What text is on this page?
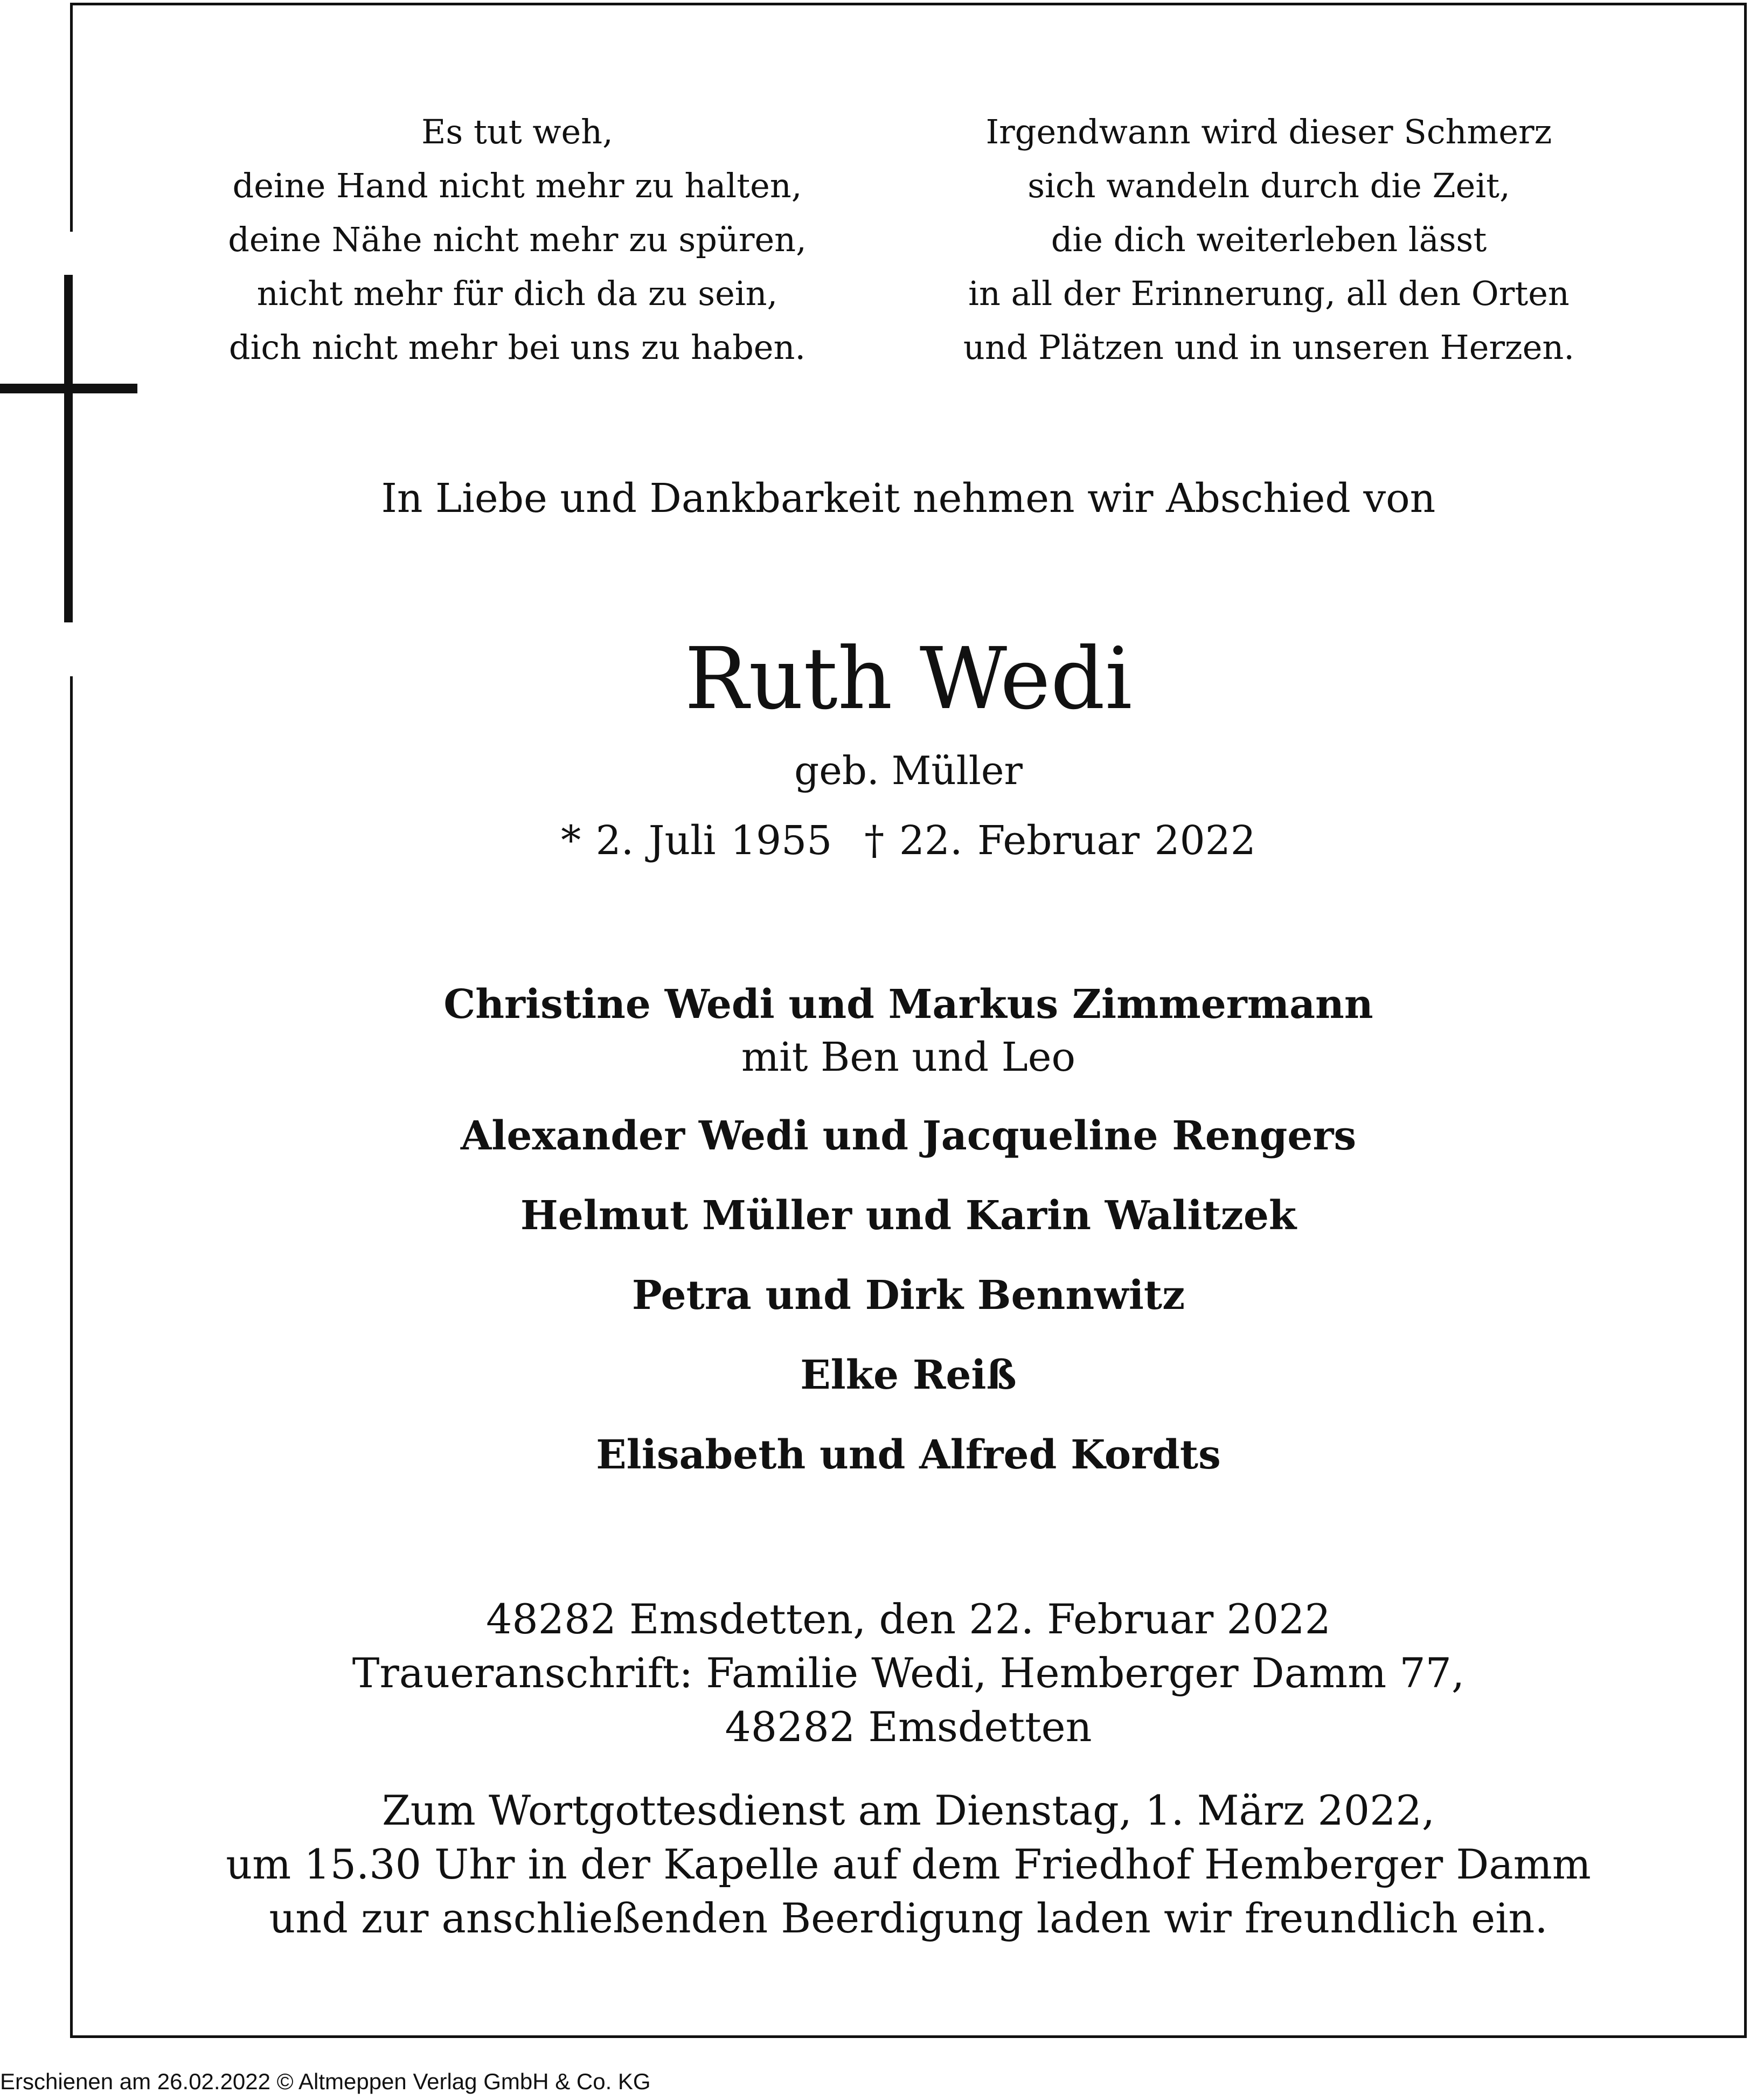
Es tut weh,
deine Hand nicht mehr zu halten,
deine Nähe nicht mehr zu spüren,
nicht mehr für dich da zu sein,
dich nicht mehr bei uns zu haben.
Irgendwann wird dieser Schmerz
sich wandeln durch die Zeit,
die dich weiterleben lässt
in all der Erinnerung, all den Orten
und Plätzen und in unseren Herzen.
In Liebe und Dankbarkeit nehmen wir Abschied von
Ruth Wedi
geb. Müller
* 2. Juli 1955 † 22. Februar 2022
Christine Wedi und Markus Zimmermann
mit Ben und Leo
Alexander Wedi und Jacqueline Rengers
Helmut Müller und Karin Walitzek
Petra und Dirk Bennwitz
Elke Reiß
Elisabeth und Alfred Kordts
48282 Emsdetten, den 22. Februar 2022
Traueranschrift: Familie Wedi, Hemberger Damm 77,
48282 Emsdetten
Zum Wortgottesdienst am Dienstag, 1. März 2022,
um 15.30 Uhr in der Kapelle auf dem Friedhof Hemberger Damm
und zur anschließenden Beerdigung laden wir freundlich ein.
Erschienen am 26.02.2022 © Altmeppen Verlag GmbH & Co. KG
